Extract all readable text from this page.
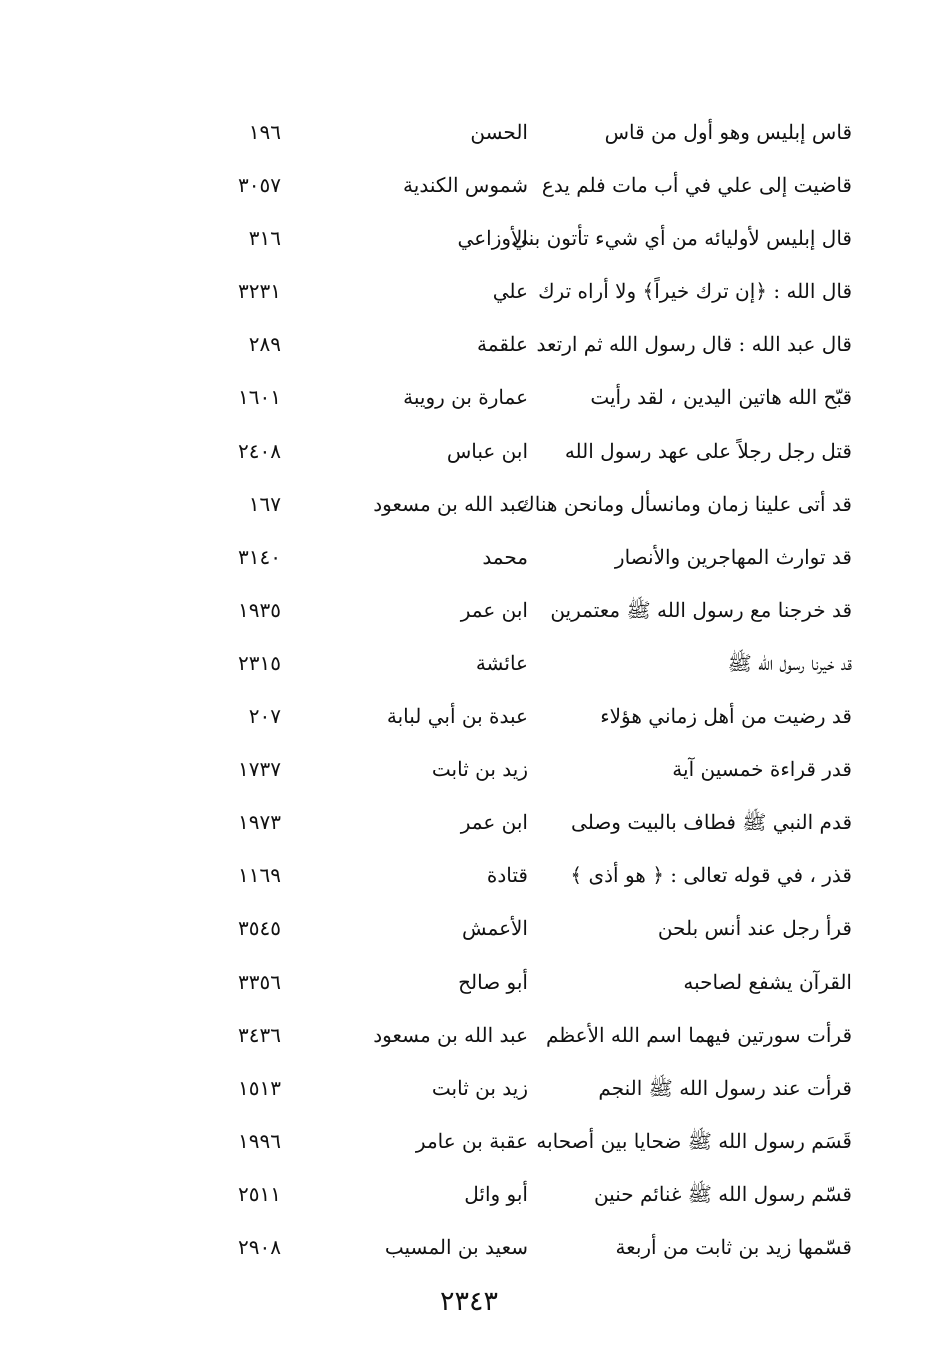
قاس إبليس وهو أول من قاس
الحسن
١٩٦
قاضيت إلى علي في أب مات فلم يدع
شموس الكندية
٣٠٥٧
قال إبليس لأوليائه من أي شيء تأتون بني
الأوزاعي
٣١٦
قال الله : ﴿إن ترك خيراً﴾ ولا أراه ترك
علي
٣٢٣١
قال عبد الله : قال رسول الله ثم ارتعد
علقمة
٢٨٩
قبّح الله هاتين اليدين ، لقد رأيت
عمارة بن رويبة
١٦٠١
قتل رجل رجلاً على عهد رسول الله
ابن عباس
٢٤٠٨
قد أتى علينا زمان ومانسأل ومانحن هناك
عبد الله بن مسعود
١٦٧
قد توارث المهاجرين والأنصار
محمد
٣١٤٠
قد خرجنا مع رسول الله ﷺ معتمرين
ابن عمر
١٩٣٥
قد خيرنا رسول الله ﷺ
عائشة
٢٣١٥
قد رضيت من أهل زماني هؤلاء
عبدة بن أبي لبابة
٢٠٧
قدر قراءة خمسين آية
زيد بن ثابت
١٧٣٧
قدم النبي ﷺ فطاف بالبيت وصلى
ابن عمر
١٩٧٣
قذر ، في قوله تعالى : ﴿ هو أذى ﴾
قتادة
١١٦٩
قرأ رجل عند أنس بلحن
الأعمش
٣٥٤٥
القرآن يشفع لصاحبه
أبو صالح
٣٣٥٦
قرأت سورتين فيهما اسم الله الأعظم
عبد الله بن مسعود
٣٤٣٦
قرأت عند رسول الله ﷺ النجم
زيد بن ثابت
١٥١٣
قَسَم رسول الله ﷺ ضحايا بين أصحابه
عقبة بن عامر
١٩٩٦
قسّم رسول الله ﷺ غنائم حنين
أبو وائل
٢٥١١
قسّمها زيد بن ثابت من أربعة
سعيد بن المسيب
٢٩٠٨
٢٣٤٣
